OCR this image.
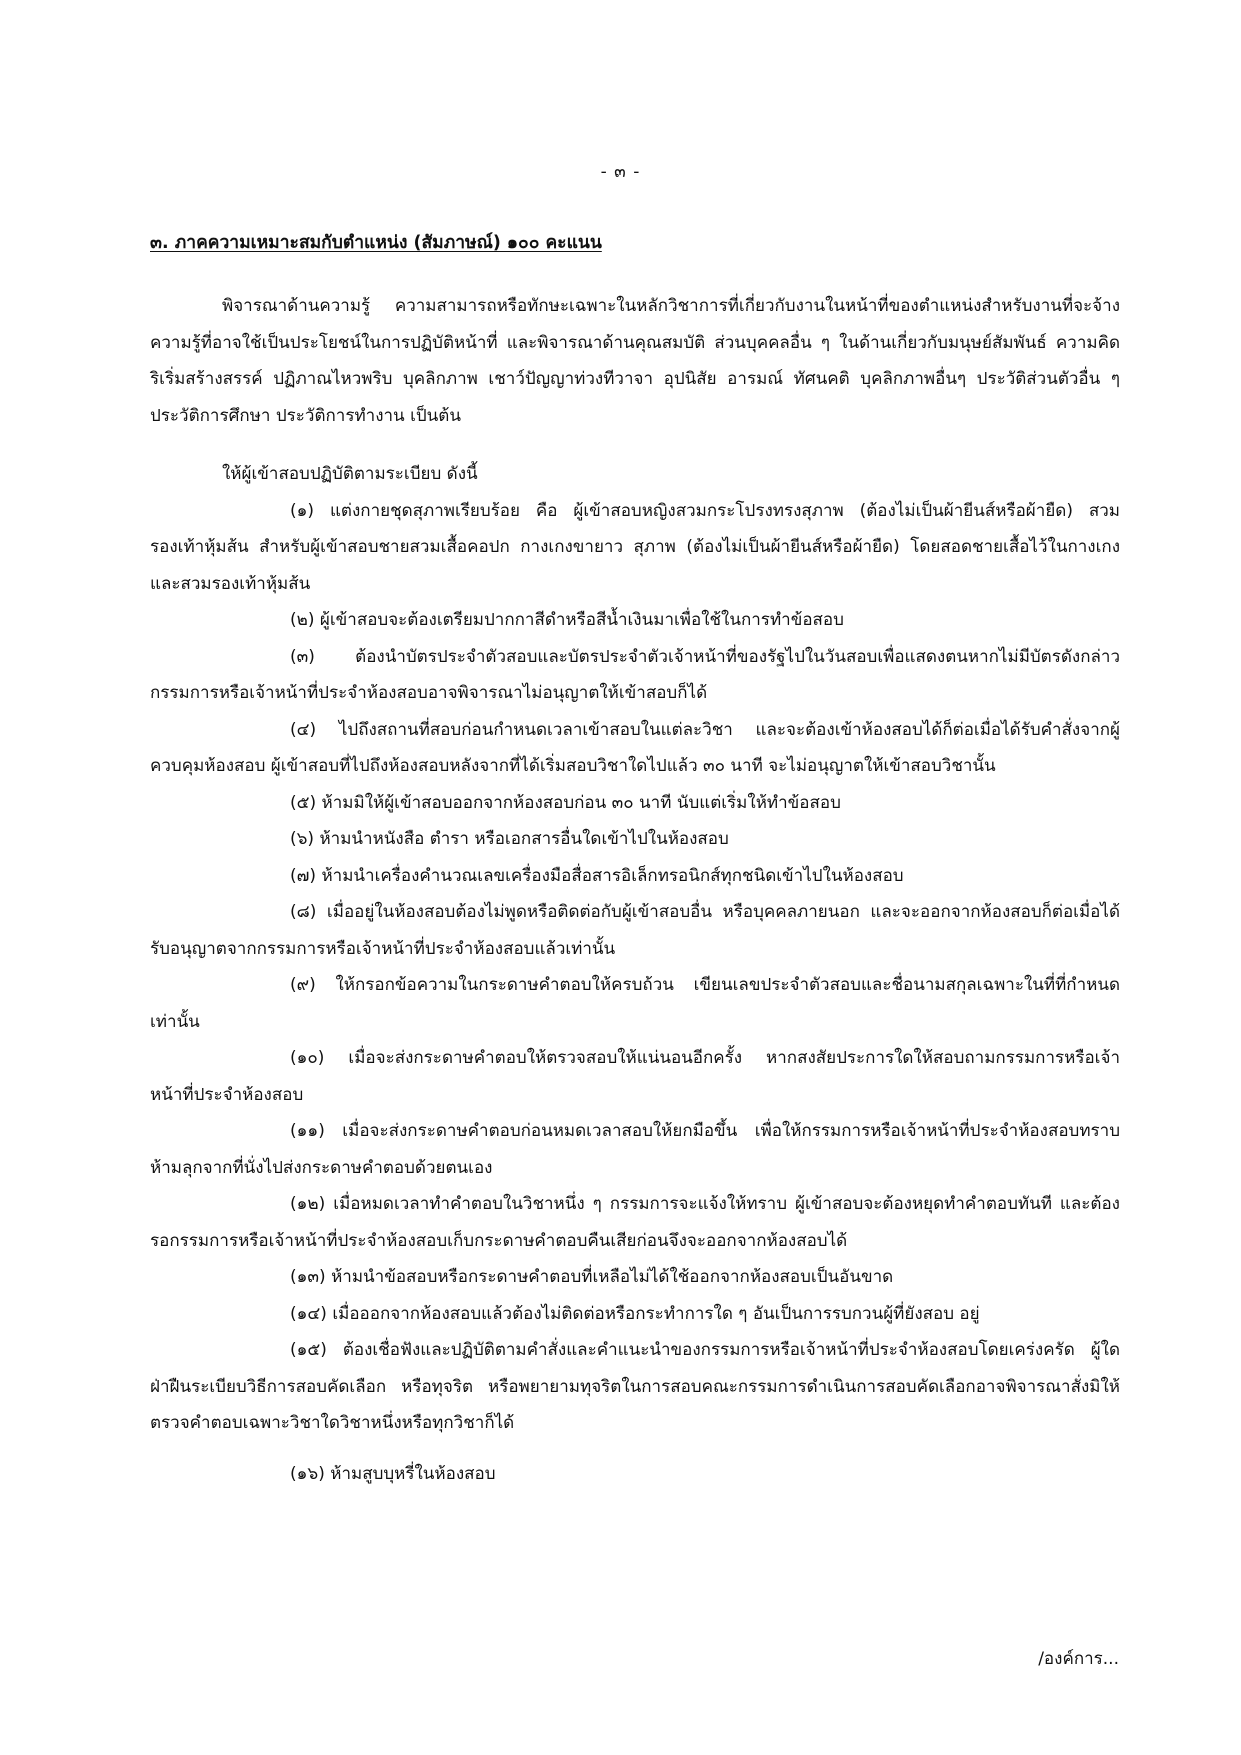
- ๓ -
๓. ภาคความเหมาะสมกับตำแหน่ง (สัมภาษณ์) ๑๐๐ คะแนน

พิจารณาด้านความรู้ ความสามารถหรือทักษะเฉพาะในหลักวิชาการที่เกี่ยวกับงานในหน้าที่ของตำแหน่งสำหรับงานที่จะจ้าง ความรู้ที่อาจใช้เป็นประโยชน์ในการปฏิบัติหน้าที่ และพิจารณาด้านคุณสมบัติ ส่วนบุคคลอื่น ๆ ในด้านเกี่ยวกับมนุษย์สัมพันธ์ ความคิดริเริ่มสร้างสรรค์ ปฏิภาณไหวพริบ บุคลิกภาพ เชาว์ปัญญาท่วงทีวาจา อุปนิสัย อารมณ์ ทัศนคติ บุคลิกภาพอื่นๆ ประวัติส่วนตัวอื่น ๆ ประวัติการศึกษา ประวัติการทำงาน เป็นต้น

ให้ผู้เข้าสอบปฏิบัติตามระเบียบ ดังนี้

(๑) แต่งกายชุดสุภาพเรียบร้อย คือ ผู้เข้าสอบหญิงสวมกระโปรงทรงสุภาพ (ต้องไม่เป็นผ้ายีนส์หรือผ้ายืด) สวมรองเท้าหุ้มส้น สำหรับผู้เข้าสอบชายสวมเสื้อคอปก กางเกงขายาว สุภาพ (ต้องไม่เป็นผ้ายีนส์หรือผ้ายืด) โดยสอดชายเสื้อไว้ในกางเกงและสวมรองเท้าหุ้มส้น

(๒) ผู้เข้าสอบจะต้องเตรียมปากกาสีดำหรือสีน้ำเงินมาเพื่อใช้ในการทำข้อสอบ

(๓) ต้องนำบัตรประจำตัวสอบและบัตรประจำตัวเจ้าหน้าที่ของรัฐไปในวันสอบเพื่อแสดงตนหากไม่มีบัตรดังกล่าวกรรมการหรือเจ้าหน้าที่ประจำห้องสอบอาจพิจารณาไม่อนุญาตให้เข้าสอบก็ได้

(๔) ไปถึงสถานที่สอบก่อนกำหนดเวลาเข้าสอบในแต่ละวิชา และจะต้องเข้าห้องสอบได้ก็ต่อเมื่อได้รับคำสั่งจากผู้ควบคุมห้องสอบ ผู้เข้าสอบที่ไปถึงห้องสอบหลังจากที่ได้เริ่มสอบวิชาใดไปแล้ว ๓๐ นาที จะไม่อนุญาตให้เข้าสอบวิชานั้น

(๕) ห้ามมิให้ผู้เข้าสอบออกจากห้องสอบก่อน ๓๐ นาที นับแต่เริ่มให้ทำข้อสอบ

(๖) ห้ามนำหนังสือ ตำรา หรือเอกสารอื่นใดเข้าไปในห้องสอบ

(๗) ห้ามนำเครื่องคำนวณเลขเครื่องมือสื่อสารอิเล็กทรอนิกส์ทุกชนิดเข้าไปในห้องสอบ

(๘) เมื่ออยู่ในห้องสอบต้องไม่พูดหรือติดต่อกับผู้เข้าสอบอื่น หรือบุคคลภายนอก และจะออกจากห้องสอบก็ต่อเมื่อได้รับอนุญาตจากกรรมการหรือเจ้าหน้าที่ประจำห้องสอบแล้วเท่านั้น

(๙) ให้กรอกข้อความในกระดาษคำตอบให้ครบถ้วน เขียนเลขประจำตัวสอบและชื่อนามสกุลเฉพาะในที่ที่กำหนดเท่านั้น

(๑๐) เมื่อจะส่งกระดาษคำตอบให้ตรวจสอบให้แน่นอนอีกครั้ง หากสงสัยประการใดให้สอบถามกรรมการหรือเจ้าหน้าที่ประจำห้องสอบ

(๑๑) เมื่อจะส่งกระดาษคำตอบก่อนหมดเวลาสอบให้ยกมือขึ้น เพื่อให้กรรมการหรือเจ้าหน้าที่ประจำห้องสอบทราบ ห้ามลุกจากที่นั่งไปส่งกระดาษคำตอบด้วยตนเอง

(๑๒) เมื่อหมดเวลาทำคำตอบในวิชาหนึ่ง ๆ กรรมการจะแจ้งให้ทราบ ผู้เข้าสอบจะต้องหยุดทำคำตอบทันที และต้องรอกรรมการหรือเจ้าหน้าที่ประจำห้องสอบเก็บกระดาษคำตอบคืนเสียก่อนจึงจะออกจากห้องสอบได้

(๑๓) ห้ามนำข้อสอบหรือกระดาษคำตอบที่เหลือไม่ได้ใช้ออกจากห้องสอบเป็นอันขาด

(๑๔) เมื่อออกจากห้องสอบแล้วต้องไม่ติดต่อหรือกระทำการใด ๆ อันเป็นการรบกวนผู้ที่ยังสอบ อยู่

(๑๕) ต้องเชื่อฟังและปฏิบัติตามคำสั่งและคำแนะนำของกรรมการหรือเจ้าหน้าที่ประจำห้องสอบโดยเคร่งครัด ผู้ใดฝ่าฝืนระเบียบวิธีการสอบคัดเลือก หรือทุจริต หรือพยายามทุจริตในการสอบคณะกรรมการดำเนินการสอบคัดเลือกอาจพิจารณาสั่งมิให้ตรวจคำตอบเฉพาะวิชาใดวิชาหนึ่งหรือทุกวิชาก็ได้

(๑๖) ห้ามสูบบุหรี่ในห้องสอบ

/องค์การ...
